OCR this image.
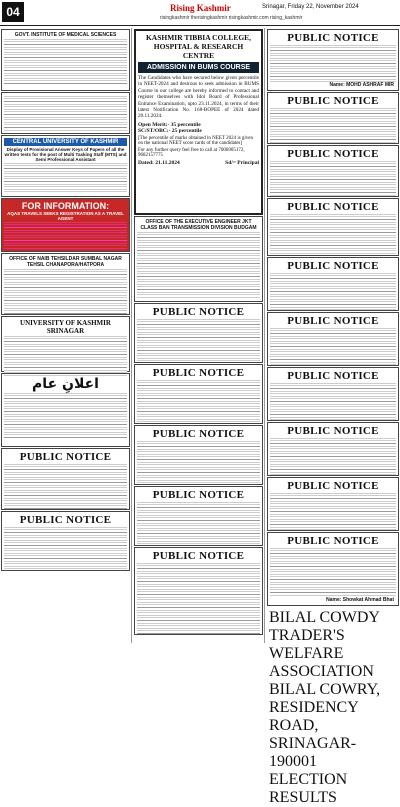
04	Rising Kashmir	Srinagar, Friday 22, November 2024
risingkashmir therisingkashmir risingkashmir.com rising_kashmir
GOVT. INSTITUTE OF MEDICAL SCIENCES
CENTRAL UNIVERSITY OF KASHMIR
Display of Provisional Answer Keys of Papers of all the written tests for the post of Multi Tasking Staff (MTS) and Semi Professional Assistant
FOR INFORMATION:
AQAS TRAVELS SEEKS REGISTRATION AS A TRAVEL AGENT
OFFICE OF NAIB TEHSILDAR SUMBAL NAGAR TEHSIL CHANAPORA/HATPORA
UNIVERSITY OF KASHMIR SRINAGAR
اعلانِ عام
PUBLIC NOTICE
PUBLIC NOTICE
KASHMIR TIBBIA COLLEGE, HOSPITAL & RESEARCH CENTRE
ADMISSION IN BUMS COURSE
The Candidates who have secured below given percentile in NEET-2024 and desirous to seek admission in BUMS Course in our college are hereby informed to contact and register themselves with Idol Board of Professional Entrance Examination, upto 23.11.2024, in terms of their latest Notification No. 168-BOPEE of 2024 dated 20.11.2024.
Open Merit:- 35 percentile
SC/ST/OBC:- 25 percentile
[The percentile of marks obtained in NEET 2024 is given on the national NEET score cards of the candidates]
For any further query feel free to call at 7006905172, 9682157775
Dated: 21.11.2024	Sd/= Principal
OFFICE OF THE EXECUTIVE ENGINEER JKT CLASS BAN TRANSMISSION DIVISION BUDGAM
PUBLIC NOTICE
PUBLIC NOTICE
PUBLIC NOTICE
PUBLIC NOTICE
PUBLIC NOTICE
PUBLIC NOTICE
Name: MOHD ASHRAF MIR
PUBLIC NOTICE
PUBLIC NOTICE
PUBLIC NOTICE
PUBLIC NOTICE
PUBLIC NOTICE
PUBLIC NOTICE
PUBLIC NOTICE
PUBLIC NOTICE
PUBLIC NOTICE
Name: Showkat Ahmad Bhat
BILAL COWDY TRADER'S WELFARE ASSOCIATION BILAL COWRY, RESIDENCY ROAD, SRINAGAR-190001 ELECTION RESULTS
